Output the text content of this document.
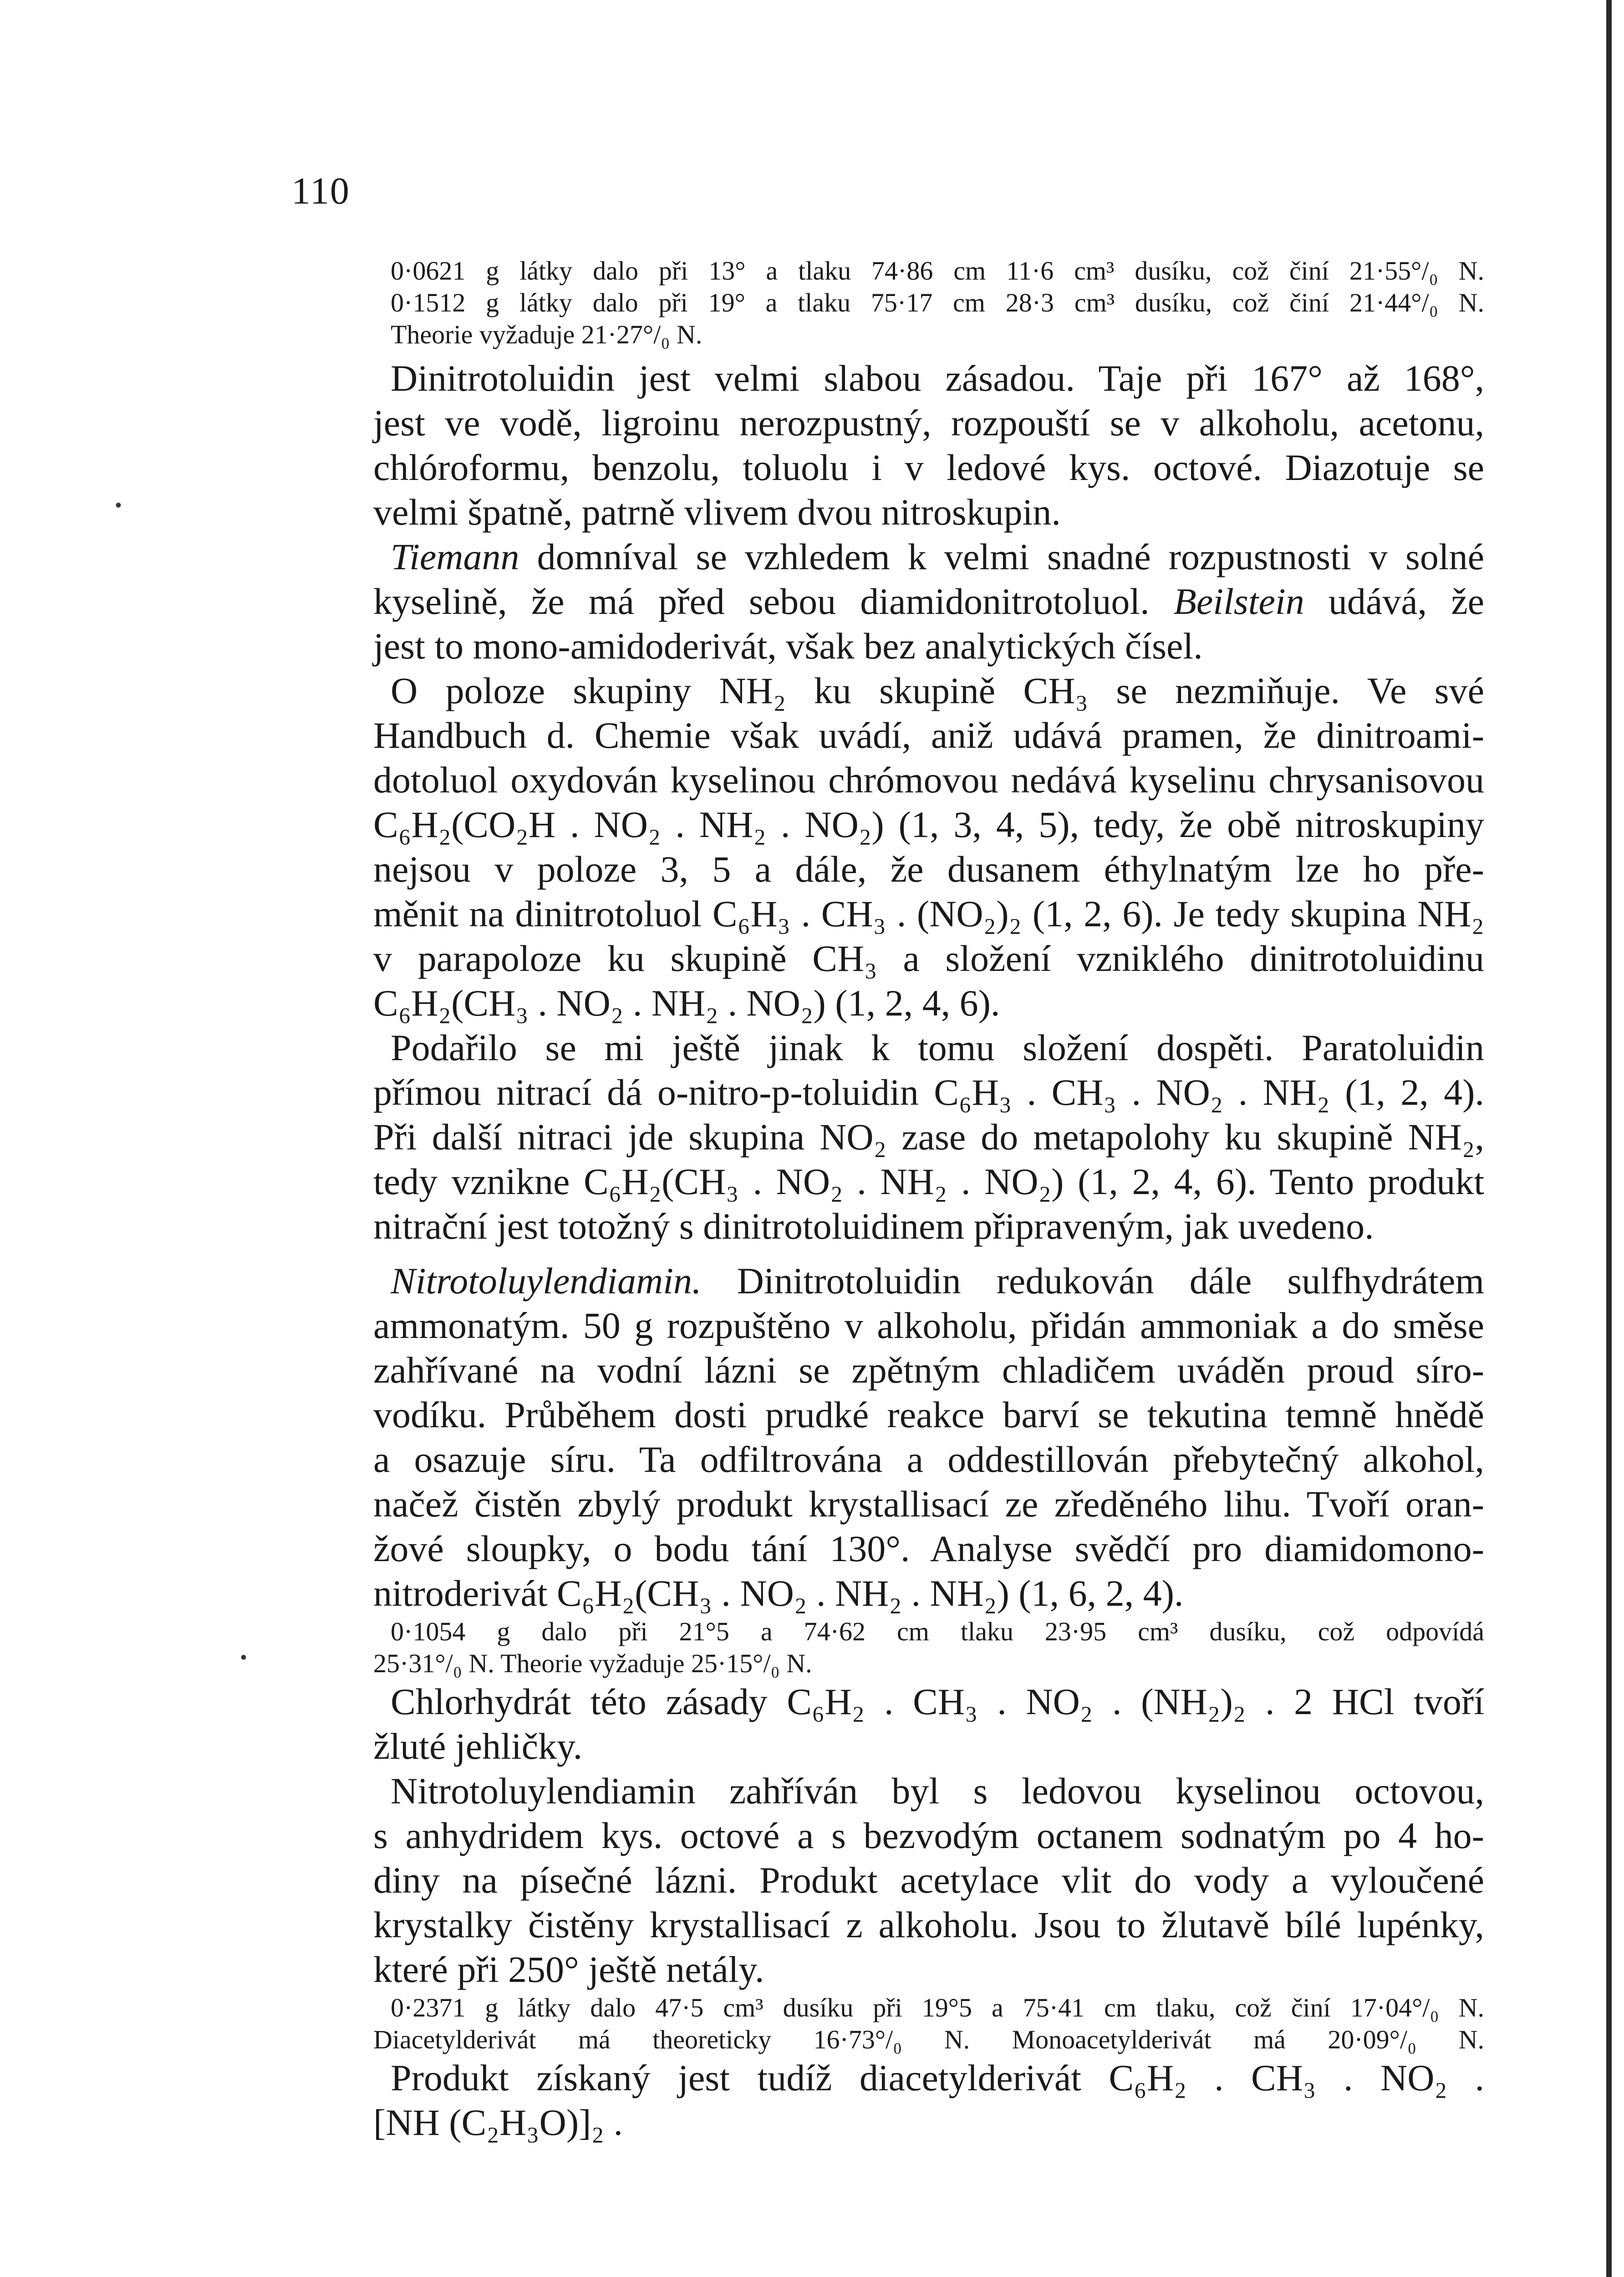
110
0·0621 g látky dalo při 13° a tlaku 74·86 cm 11·6 cm³ dusíku, což činí 21·55°/₀ N.
0·1512 g látky dalo při 19° a tlaku 75·17 cm 28·3 cm³ dusíku, což činí 21·44°/₀ N.
Theorie vyžaduje 21·27°/₀ N.
Dinitrotoluidin jest velmi slabou zásadou. Taje při 167° až 168°,
jest ve vodě, ligroinu nerozpustný, rozpouští se v alkoholu, acetonu,
chlóroformu, benzolu, toluolu i v ledové kys. octové. Diazotuje se
velmi špatně, patrně vlivem dvou nitroskupin.
Tiemann domníval se vzhledem k velmi snadné rozpustnosti v solné
kyselině, že má před sebou diamidonitrotoluol. Beilstein udává, že
jest to mono-amidoderivát, však bez analytických čísel.
O poloze skupiny NH₂ ku skupině CH₃ se nezmiňuje. Ve své
Handbuch d. Chemie však uvádí, aniž udává pramen, že dinitroami-
dotoluol oxydován kyselinou chrómovou nedává kyselinu chrysanisovou
C₆H₂(CO₂H . NO₂ . NH₂ . NO₂) (1, 3, 4, 5), tedy, že obě nitroskupiny
nejsou v poloze 3, 5 a dále, že dusanem éthylnatým lze ho pře-
měnit na dinitrotoluol C₆H₃ . CH₃ . (NO₂)₂ (1, 2, 6). Je tedy skupina NH₂
v parapoloze ku skupině CH₃ a složení vzniklého dinitrotoluidinu
C₆H₂(CH₃ . NO₂ . NH₂ . NO₂) (1, 2, 4, 6).
Podařilo se mi ještě jinak k tomu složení dospěti. Paratoluidin
přímou nitrací dá o-nitro-p-toluidin C₆H₃ . CH₃ . NO₂ . NH₂ (1, 2, 4).
Při další nitraci jde skupina NO₂ zase do metapolohy ku skupině NH₂,
tedy vznikne C₆H₂(CH₃ . NO₂ . NH₂ . NO₂) (1, 2, 4, 6). Tento produkt
nitrační jest totožný s dinitrotoluidinem připraveným, jak uvedeno.
Nitrotoluylendiamin. Dinitrotoluidin redukován dále sulfhydrátem
ammonatým. 50 g rozpuštěno v alkoholu, přidán ammoniak a do směse
zahřívané na vodní lázni se zpětným chladičem uváděn proud síro-
vodíku. Průběhem dosti prudké reakce barví se tekutina temně hnědě
a osazuje síru. Ta odfiltrována a oddestillován přebytečný alkohol,
načež čistěn zbylý produkt krystallisací ze zředěného lihu. Tvoří oran-
žové sloupky, o bodu tání 130°. Analyse svědčí pro diamidomono-
nitroderivát C₆H₂(CH₃ . NO₂ . NH₂ . NH₂) (1, 6, 2, 4).
0·1054 g dalo při 21°5 a 74·62 cm tlaku 23·95 cm³ dusíku, což odpovídá
25·31°/₀ N. Theorie vyžaduje 25·15°/₀ N.
Chlorhydrát této zásady C₆H₂ . CH₃ . NO₂ . (NH₂)₂ . 2 HCl tvoří
žluté jehličky.
Nitrotoluylendiamin zahříván byl s ledovou kyselinou octovou,
s anhydridem kys. octové a s bezvodým octanem sodnatým po 4 ho-
diny na písečné lázni. Produkt acetylace vlit do vody a vyloučené
krystalky čistěny krystallisací z alkoholu. Jsou to žlutavě bílé lupénky,
které při 250° ještě netály.
0·2371 g látky dalo 47·5 cm³ dusíku při 19°5 a 75·41 cm tlaku, což činí 17·04°/₀ N.
Diacetylderivát má theoreticky 16·73°/₀ N. Monoacetylderivát má 20·09°/₀ N.
Produkt získaný jest tudíž diacetylderivát C₆H₂ . CH₃ . NO₂ .
[NH (C₂H₃O)]₂ .
·
·
